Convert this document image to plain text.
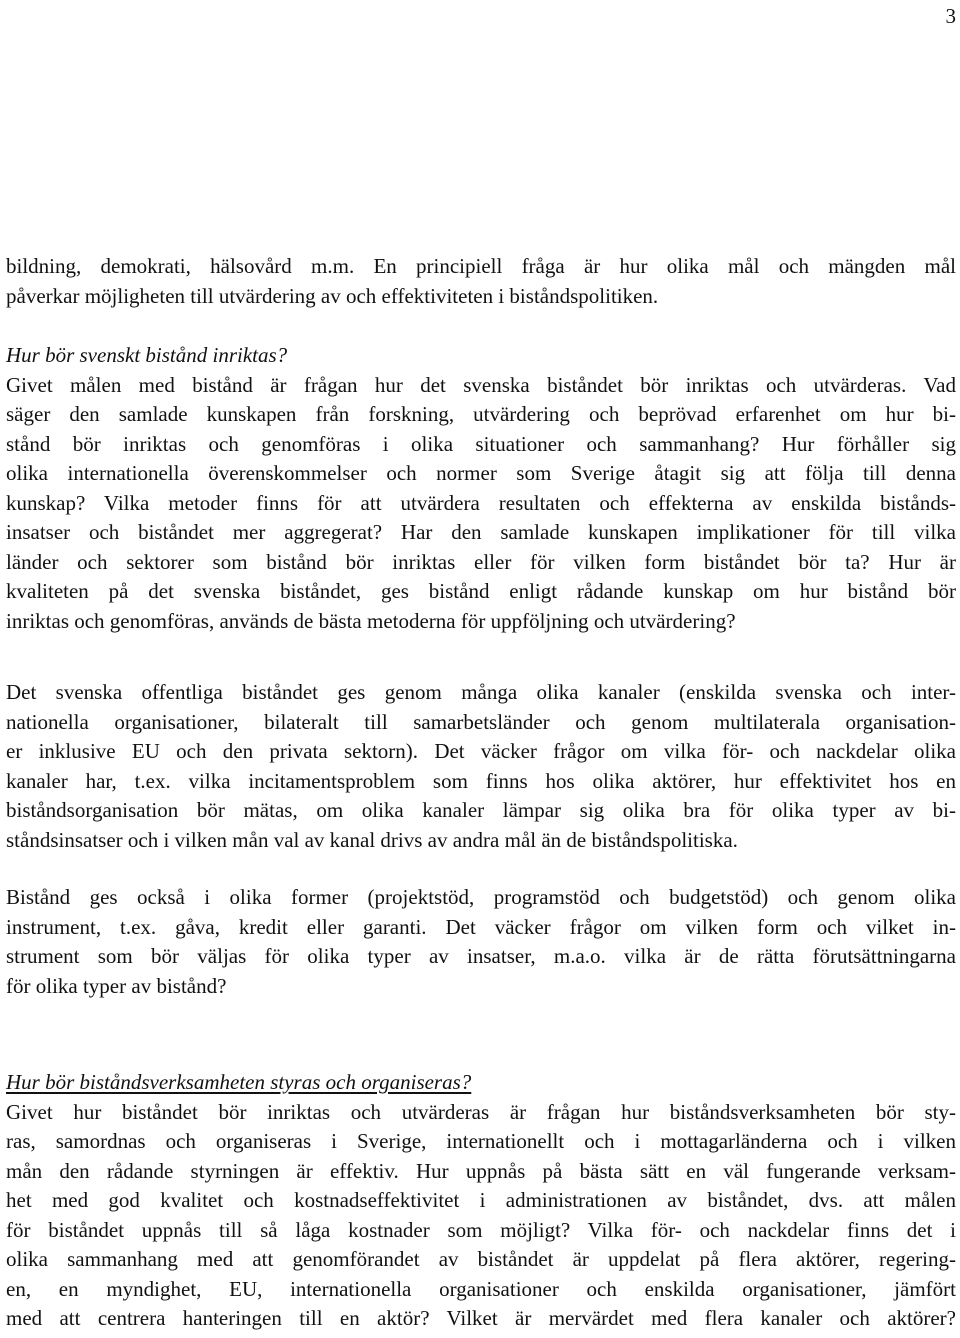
3
bildning, demokrati, hälsovård m.m. En principiell fråga är hur olika mål och mängden mål
påverkar möjligheten till utvärdering av och effektiviteten i biståndspolitiken.
Hur bör svenskt bistånd inriktas?
Givet målen med bistånd är frågan hur det svenska biståndet bör inriktas och utvärderas. Vad
säger den samlade kunskapen från forskning, utvärdering och beprövad erfarenhet om hur bi-
stånd bör inriktas och genomföras i olika situationer och sammanhang? Hur förhåller sig
olika internationella överenskommelser och normer som Sverige åtagit sig att följa till denna
kunskap? Vilka metoder finns för att utvärdera resultaten och effekterna av enskilda bistånds-
insatser och biståndet mer aggregerat? Har den samlade kunskapen implikationer för till vilka
länder och sektorer som bistånd bör inriktas eller för vilken form biståndet bör ta? Hur är
kvaliteten på det svenska biståndet, ges bistånd enligt rådande kunskap om hur bistånd bör
inriktas och genomföras, används de bästa metoderna för uppföljning och utvärdering?
Det svenska offentliga biståndet ges genom många olika kanaler (enskilda svenska och inter-
nationella organisationer, bilateralt till samarbetsländer och genom multilaterala organisation-
er inklusive EU och den privata sektorn). Det väcker frågor om vilka för- och nackdelar olika
kanaler har, t.ex. vilka incitamentsproblem som finns hos olika aktörer, hur effektivitet hos en
biståndsorganisation bör mätas, om olika kanaler lämpar sig olika bra för olika typer av bi-
ståndsinsatser och i vilken mån val av kanal drivs av andra mål än de biståndspolitiska.
Bistånd ges också i olika former (projektstöd, programstöd och budgetstöd) och genom olika
instrument, t.ex. gåva, kredit eller garanti. Det väcker frågor om vilken form och vilket in-
strument som bör väljas för olika typer av insatser, m.a.o. vilka är de rätta förutsättningarna
för olika typer av bistånd?
Hur bör biståndsverksamheten styras och organiseras?
Givet hur biståndet bör inriktas och utvärderas är frågan hur biståndsverksamheten bör sty-
ras, samordnas och organiseras i Sverige, internationellt och i mottagarländerna och i vilken
mån den rådande styrningen är effektiv. Hur uppnås på bästa sätt en väl fungerande verksam-
het med god kvalitet och kostnadseffektivitet i administrationen av biståndet, dvs. att målen
för biståndet uppnås till så låga kostnader som möjligt? Vilka för- och nackdelar finns det i
olika sammanhang med att genomförandet av biståndet är uppdelat på flera aktörer, regering-
en, en myndighet, EU, internationella organisationer och enskilda organisationer, jämfört
med att centrera hanteringen till en aktör? Vilket är mervärdet med flera kanaler och aktörer?
